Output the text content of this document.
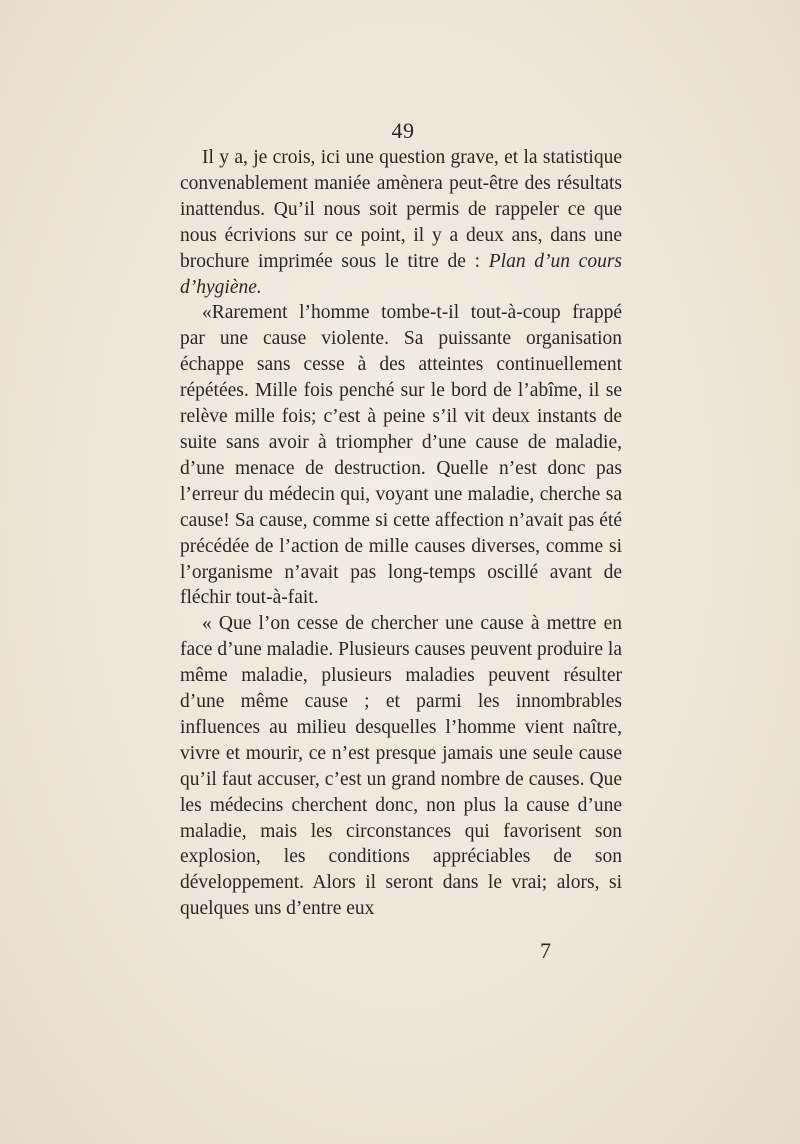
49

Il y a, je crois, ici une question grave, et la statistique convenablement maniée amènera peut-être des résultats inattendus. Qu’il nous soit permis de rappeler ce que nous écrivions sur ce point, il y a deux ans, dans une brochure imprimée sous le titre de : Plan d’un cours d’hygiène.

«Rarement l’homme tombe-t-il tout-à-coup frappé par une cause violente. Sa puissante organisation échappe sans cesse à des atteintes continuellement répétées. Mille fois penché sur le bord de l’abîme, il se relève mille fois; c’est à peine s’il vit deux instants de suite sans avoir à triompher d’une cause de maladie, d’une menace de destruction. Quelle n’est donc pas l’erreur du médecin qui, voyant une maladie, cherche sa cause! Sa cause, comme si cette affection n’avait pas été précédée de l’action de mille causes diverses, comme si l’organisme n’avait pas long-temps oscillé avant de fléchir tout-à-fait.

« Que l’on cesse de chercher une cause à mettre en face d’une maladie. Plusieurs causes peuvent produire la même maladie, plusieurs maladies peuvent résulter d’une même cause ; et parmi les innombrables influences au milieu desquelles l’homme vient naître, vivre et mourir, ce n’est presque jamais une seule cause qu’il faut accuser, c’est un grand nombre de causes. Que les médecins cherchent donc, non plus la cause d’une maladie, mais les circonstances qui favorisent son explosion, les conditions appréciables de son développement. Alors il seront dans le vrai; alors, si quelques uns d’entre eux

7
